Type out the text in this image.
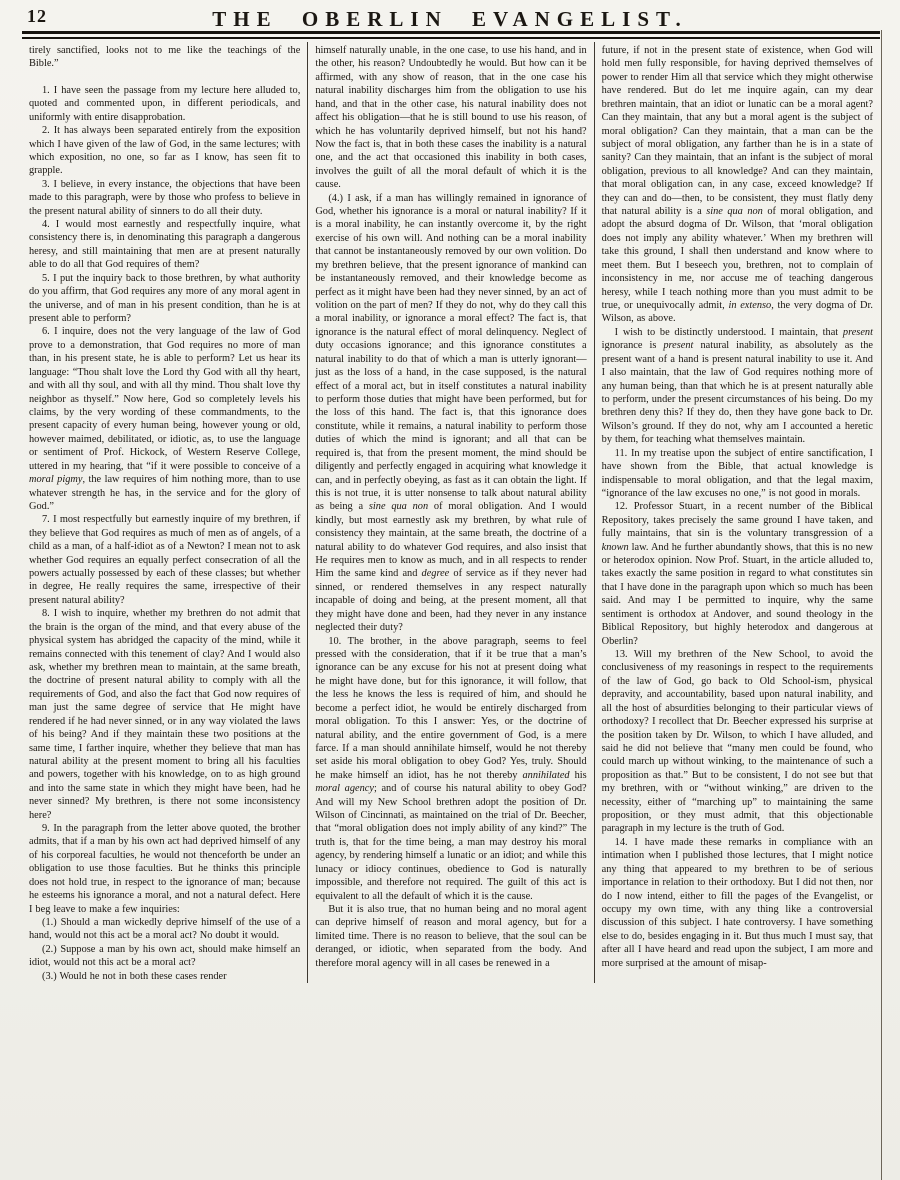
12	THE OBERLIN EVANGELIST.

tirely sanctified, looks not to me like the teachings of the Bible.”

1. I have seen the passage from my lecture here alluded to, quoted and commented upon, in different periodicals, and uniformly with entire disapprobation.

2. It has always been separated entirely from the exposition which I have given of the law of God, in the same lectures; with which exposition, no one, so far as I know, has seen fit to grapple.

3. I believe, in every instance, the objections that have been made to this paragraph, were by those who profess to believe in the present natural ability of sinners to do all their duty.

4. I would most earnestly and respectfully inquire, what consistency there is, in denominating this paragraph a dangerous heresy, and still maintaining that men are at present naturally able to do all that God requires of them?

5. I put the inquiry back to those brethren, by what authority do you affirm, that God requires any more of any moral agent in the universe, and of man in his present condition, than he is at present able to perform?

6. I inquire, does not the very language of the law of God prove to a demonstration, that God requires no more of man than, in his present state, he is able to perform? Let us hear its language: “Thou shalt love the Lord thy God with all thy heart, and with all thy soul, and with all thy mind. Thou shalt love thy neighbor as thyself.” Now here, God so completely levels his claims, by the very wording of these commandments, to the present capacity of every human being, however young or old, however maimed, debilitated, or idiotic, as, to use the language or sentiment of Prof. Hickock, of Western Reserve College, uttered in my hearing, that “if it were possible to conceive of a moral pigmy, the law requires of him nothing more, than to use whatever strength he has, in the service and for the glory of God.”

7. I most respectfully but earnestly inquire of my brethren, if they believe that God requires as much of men as of angels, of a child as a man, of a half-idiot as of a Newton? I mean not to ask whether God requires an equally perfect consecration of all the powers actually possessed by each of these classes; but whether in degree, He really requires the same, irrespective of their present natural ability?

8. I wish to inquire, whether my brethren do not admit that the brain is the organ of the mind, and that every abuse of the physical system has abridged the capacity of the mind, while it remains connected with this tenement of clay? And I would also ask, whether my brethren mean to maintain, at the same breath, the doctrine of present natural ability to comply with all the requirements of God, and also the fact that God now requires of man just the same degree of service that He might have rendered if he had never sinned, or in any way violated the laws of his being? And if they maintain these two positions at the same time, I farther inquire, whether they believe that man has natural ability at the present moment to bring all his faculties and powers, together with his knowledge, on to as high ground and into the same state in which they might have been, had he never sinned? My brethren, is there not some inconsistency here?

9. In the paragraph from the letter above quoted, the brother admits, that if a man by his own act had deprived himself of any of his corporeal faculties, he would not thenceforth be under an obligation to use those faculties. But he thinks this principle does not hold true, in respect to the ignorance of man; because he esteems his ignorance a moral, and not a natural defect. Here I beg leave to make a few inquiries:

(1.) Should a man wickedly deprive himself of the use of a hand, would not this act be a moral act? No doubt it would.

(2.) Suppose a man by his own act, should make himself an idiot, would not this act be a moral act?

(3.) Would he not in both these cases render

himself naturally unable, in the one case, to use his hand, and in the other, his reason? Undoubtedly he would. But how can it be affirmed, with any show of reason, that in the one case his natural inability discharges him from the obligation to use his hand, and that in the other case, his natural inability does not affect his obligation—that he is still bound to use his reason, of which he has voluntarily deprived himself, but not his hand? Now the fact is, that in both these cases the inability is a natural one, and the act that occasioned this inability in both cases, involves the guilt of all the moral default of which it is the cause.

(4.) I ask, if a man has willingly remained in ignorance of God, whether his ignorance is a moral or natural inability? If it is a moral inability, he can instantly overcome it, by the right exercise of his own will. And nothing can be a moral inability that cannot be instantaneously removed by our own volition. Do my brethren believe, that the present ignorance of mankind can be instantaneously removed, and their knowledge become as perfect as it might have been had they never sinned, by an act of volition on the part of men? If they do not, why do they call this a moral inability, or ignorance a moral effect? The fact is, that ignorance is the natural effect of moral delinquency. Neglect of duty occasions ignorance; and this ignorance constitutes a natural inability to do that of which a man is utterly ignorant—just as the loss of a hand, in the case supposed, is the natural effect of a moral act, but in itself constitutes a natural inability to perform those duties that might have been performed, but for the loss of this hand. The fact is, that this ignorance does constitute, while it remains, a natural inability to perform those duties of which the mind is ignorant; and all that can be required is, that from the present moment, the mind should be diligently and perfectly engaged in acquiring what knowledge it can, and in perfectly obeying, as fast as it can obtain the light. If this is not true, it is utter nonsense to talk about natural ability as being a sine qua non of moral obligation. And I would kindly, but most earnestly ask my brethren, by what rule of consistency they maintain, at the same breath, the doctrine of a natural ability to do whatever God requires, and also insist that He requires men to know as much, and in all respects to render Him the same kind and degree of service as if they never had sinned, or rendered themselves in any respect naturally incapable of doing and being, at the present moment, all that they might have done and been, had they never in any instance neglected their duty?

10. The brother, in the above paragraph, seems to feel pressed with the consideration, that if it be true that a man’s ignorance can be any excuse for his not at present doing what he might have done, but for this ignorance, it will follow, that the less he knows the less is required of him, and should he become a perfect idiot, he would be entirely discharged from moral obligation. To this I answer: Yes, or the doctrine of natural ability, and the entire government of God, is a mere farce. If a man should annihilate himself, would he not thereby set aside his moral obligation to obey God? Yes, truly. Should he make himself an idiot, has he not thereby annihilated his moral agency; and of course his natural ability to obey God? And will my New School brethren adopt the position of Dr. Wilson of Cincinnati, as maintained on the trial of Dr. Beecher, that “moral obligation does not imply ability of any kind?” The truth is, that for the time being, a man may destroy his moral agency, by rendering himself a lunatic or an idiot; and while this lunacy or idiocy continues, obedience to God is naturally impossible, and therefore not required. The guilt of this act is equivalent to all the default of which it is the cause.

But it is also true, that no human being and no moral agent can deprive himself of reason and moral agency, but for a limited time. There is no reason to believe, that the soul can be deranged, or idiotic, when separated from the body. And therefore moral agency will in all cases be renewed in a

future, if not in the present state of existence, when God will hold men fully responsible, for having deprived themselves of power to render Him all that service which they might otherwise have rendered. But do let me inquire again, can my dear brethren maintain, that an idiot or lunatic can be a moral agent? Can they maintain, that any but a moral agent is the subject of moral obligation? Can they maintain, that a man can be the subject of moral obligation, any farther than he is in a state of sanity? Can they maintain, that an infant is the subject of moral obligation, previous to all knowledge? And can they maintain, that moral obligation can, in any case, exceed knowledge? If they can and do—then, to be consistent, they must flatly deny that natural ability is a sine qua non of moral obligation, and adopt the absurd dogma of Dr. Wilson, that ‘moral obligation does not imply any ability whatever.’ When my brethren will take this ground, I shall then understand and know where to meet them. But I beseech you, brethren, not to complain of inconsistency in me, nor accuse me of teaching dangerous heresy, while I teach nothing more than you must admit to be true, or unequivocally admit, in extenso, the very dogma of Dr. Wilson, as above.

I wish to be distinctly understood. I maintain, that present ignorance is present natural inability, as absolutely as the present want of a hand is present natural inability to use it. And I also maintain, that the law of God requires nothing more of any human being, than that which he is at present naturally able to perform, under the present circumstances of his being. Do my brethren deny this? If they do, then they have gone back to Dr. Wilson’s ground. If they do not, why am I accounted a heretic by them, for teaching what themselves maintain.

11. In my treatise upon the subject of entire sanctification, I have shown from the Bible, that actual knowledge is indispensable to moral obligation, and that the legal maxim, “ignorance of the law excuses no one,” is not good in morals.

12. Professor Stuart, in a recent number of the Biblical Repository, takes precisely the same ground I have taken, and fully maintains, that sin is the voluntary transgression of a known law. And he further abundantly shows, that this is no new or heterodox opinion. Now Prof. Stuart, in the article alluded to, takes exactly the same position in regard to what constitutes sin that I have done in the paragraph upon which so much has been said. And may I be permitted to inquire, why the same sentiment is orthodox at Andover, and sound theology in the Biblical Repository, but highly heterodox and dangerous at Oberlin?

13. Will my brethren of the New School, to avoid the conclusiveness of my reasonings in respect to the requirements of the law of God, go back to Old School-ism, physical depravity, and accountability, based upon natural inability, and all the host of absurdities belonging to their particular views of orthodoxy? I recollect that Dr. Beecher expressed his surprise at the position taken by Dr. Wilson, to which I have alluded, and said he did not believe that “many men could be found, who could march up without winking, to the maintenance of such a proposition as that.” But to be consistent, I do not see but that my brethren, with or “without winking,” are driven to the necessity, either of “marching up” to maintaining the same proposition, or they must admit, that this objectionable paragraph in my lecture is the truth of God.

14. I have made these remarks in compliance with an intimation when I published those lectures, that I might notice any thing that appeared to my brethren to be of serious importance in relation to their orthodoxy. But I did not then, nor do I now intend, either to fill the pages of the Evangelist, or occupy my own time, with any thing like a controversial discussion of this subject. I hate controversy. I have something else to do, besides engaging in it. But thus much I must say, that after all I have heard and read upon the subject, I am more and more surprised at the amount of misap-
